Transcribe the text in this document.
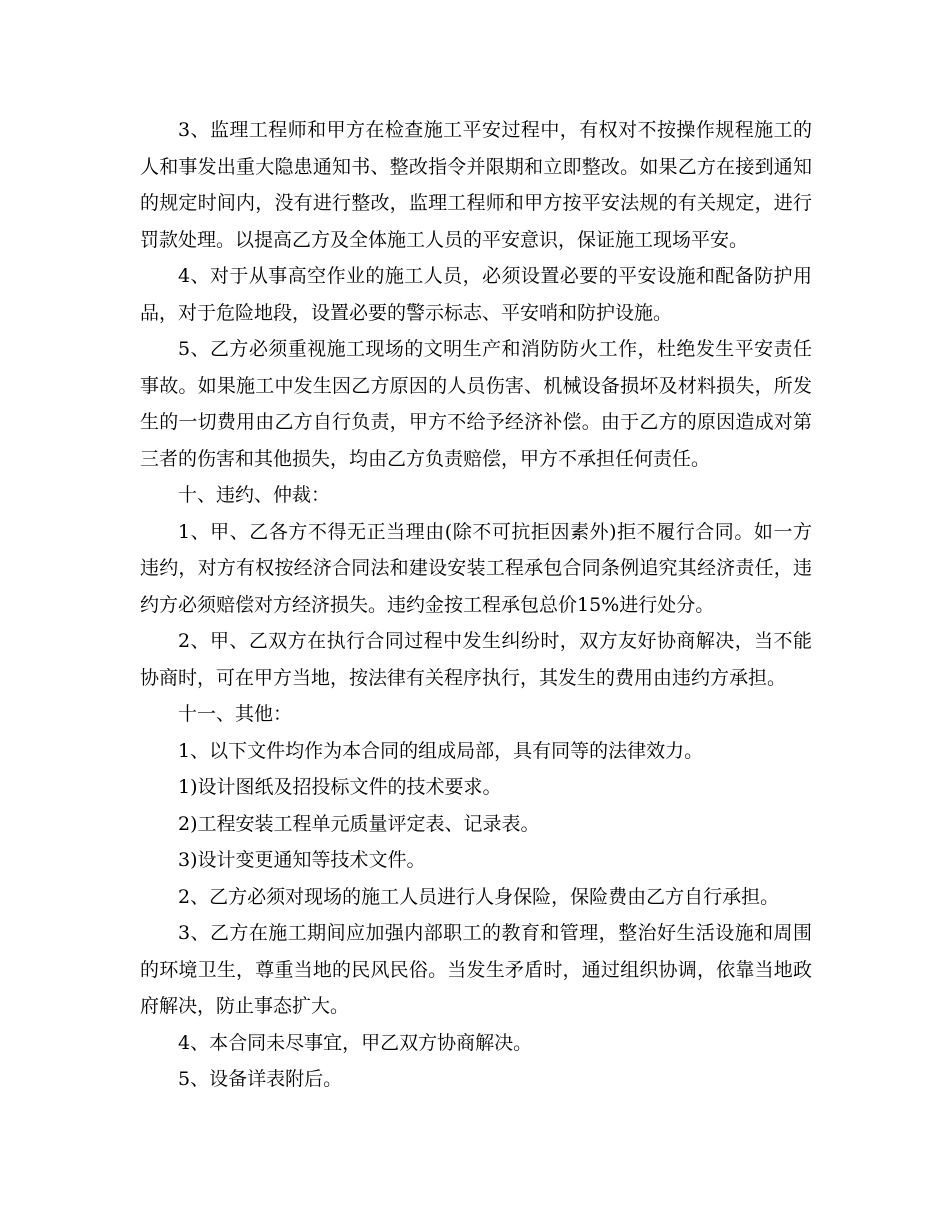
3、监理工程师和甲方在检查施工平安过程中，有权对不按操作规程施工的人和事发出重大隐患通知书、整改指令并限期和立即整改。如果乙方在接到通知的规定时间内，没有进行整改，监理工程师和甲方按平安法规的有关规定，进行罚款处理。以提高乙方及全体施工人员的平安意识，保证施工现场平安。

4、对于从事高空作业的施工人员，必须设置必要的平安设施和配备防护用品，对于危险地段，设置必要的警示标志、平安哨和防护设施。

5、乙方必须重视施工现场的文明生产和消防防火工作，杜绝发生平安责任事故。如果施工中发生因乙方原因的人员伤害、机械设备损坏及材料损失，所发生的一切费用由乙方自行负责，甲方不给予经济补偿。由于乙方的原因造成对第三者的伤害和其他损失，均由乙方负责赔偿，甲方不承担任何责任。

十、违约、仲裁：

1、甲、乙各方不得无正当理由(除不可抗拒因素外)拒不履行合同。如一方违约，对方有权按经济合同法和建设安装工程承包合同条例追究其经济责任，违约方必须赔偿对方经济损失。违约金按工程承包总价15%进行处分。

2、甲、乙双方在执行合同过程中发生纠纷时，双方友好协商解决，当不能协商时，可在甲方当地，按法律有关程序执行，其发生的费用由违约方承担。

十一、其他：

1、以下文件均作为本合同的组成局部，具有同等的法律效力。

1)设计图纸及招投标文件的技术要求。

2)工程安装工程单元质量评定表、记录表。

3)设计变更通知等技术文件。

2、乙方必须对现场的施工人员进行人身保险，保险费由乙方自行承担。

3、乙方在施工期间应加强内部职工的教育和管理，整治好生活设施和周围的环境卫生，尊重当地的民风民俗。当发生矛盾时，通过组织协调，依靠当地政府解决，防止事态扩大。

4、本合同未尽事宜，甲乙双方协商解决。

5、设备详表附后。
